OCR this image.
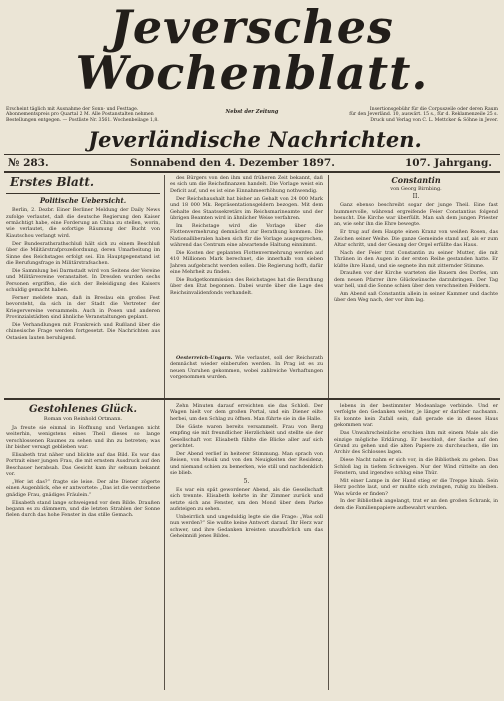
Jeversches Wochenblatt.
Erscheint täglich mit Ausnahme der Sonn- und Festtage.
Abonnementspreis pro Quartal 2 M. Alle Postanstalten nehmen
Bestellungen entgegen. — Postliste Nr. 3561. Wochenbeilage 1,8.
Nebst der Zeitung	Insertionsgebühr für die Corpuszeile oder deren Raum
für den Jeverländ. 10, auswärt. 15 s., für d. Reklamenzeile 25 s.
Druck und Verlag von C. L. Mettcker & Söhne in Jever.
Jeverländische Nachrichten.
№ 283.	Sonnabend den 4. Dezember 1897.	107. Jahrgang.
Erstes Blatt.
Politische Uebersicht.

Berlin, 2. Dezbr. Einer Berliner Meldung der Daily News zufolge verlautet, daß die deutsche Regierung den Kaiser ermächtigt habe, eine Forderung an China zu stellen, worin, wie verlautet, die sofortige Räumung der Bucht von Kiautschou verlangt wird.

Der Bundesrathsrathschluß hält sich zu einem Beschluß über die Militärstrafprozeßordnung, deren Umarbeitung im Sinne des Reichstages erfolgt sei. Ein Hauptgegenstand ist die Berufungsfrage in Militärstrafsachen.

Die Sammlung bei Darmstadt wird von Seitens der Vereine und Militärvereine veranstaltet. In Dresden wurden sechs Personen ergriffen, die sich der Beleidigung des Kaisers schuldig gemacht haben.

Ferner meldete man, daß in Breslau ein großes Fest bevorsteht, da sich in der Stadt die Vertreter der Kriegervereine versammeln. Auch in Posen und anderen Provinzialstädten sind ähnliche Veranstaltungen geplant.

Die Verhandlungen mit Frankreich und Rußland über die chinesische Frage werden fortgesetzt. Die Nachrichten aus Ostasien lauten beruhigend.

des Bürgers von den ihm und früheren Zeit bekannt, daß es sich um die Reichsfinanzen handelt. Die Vorlage weist ein Deficit auf, und es ist eine Einnahmeerhöhung nothwendig.

Der Reichshaushalt hat bisher an Gehalt von 24 000 Mark und 18 000 Mk. Repräsentationsgeldern bezogen. Mit dem Gehalte des Staatssekretärs im Reichsmarineamte und der übrigen Beamten wird in ähnlicher Weise verfahren.

Im Reichstage wird die Vorlage über die Flottenvermehrung demnächst zur Berathung kommen. Die Nationalliberalen haben sich für die Vorlage ausgesprochen, während das Centrum eine abwartende Haltung einnimmt.

Die Kosten der geplanten Flottenvermehrung werden auf 410 Millionen Mark berechnet, die innerhalb von sieben Jahren aufgebracht werden sollen. Die Regierung hofft, dafür eine Mehrheit zu finden.

Die Budgetkommission des Reichstages hat die Berathung über den Etat begonnen. Dabei wurde über die Lage des Reichsinvalidenfonds verhandelt.

Oesterreich-Ungarn. Wie verlautet, soll der Reichsrath demnächst wieder einberufen werden. In Prag ist es zu neuen Unruhen gekommen, wobei zahlreiche Verhaftungen vorgenommen wurden.

Constantin
von Georg Birnbing.
II.

Ganz ebenso beschreibt sogar der junge Theil. Eine fast hummervolle, während ergreifende Feier Constantius folgend besucht. Die Kirche war überfüllt. Man sah dem jungen Priester an, wie sehr ihn die Ehre bewegte.

Er trug auf dem Haupte einen Kranz von weißen Rosen, das Zeichen seiner Weihe. Die ganze Gemeinde stand auf, als er zum Altar schritt, und der Gesang der Orgel erfüllte das Haus.

Nach der Feier trat Constantin zu seiner Mutter, die mit Thränen in den Augen in der ersten Reihe gestanden hatte. Er küßte ihre Hand, und sie segnete ihn mit zitternder Stimme.

Draußen vor der Kirche warteten die Bauern des Dorfes, um dem neuen Pfarrer ihre Glückwünsche darzubringen. Der Tag war hell, und die Sonne schien über den verschneiten Feldern.

Am Abend saß Constantin allein in seiner Kammer und dachte über den Weg nach, der vor ihm lag.

Gestohlenes Glück.
Roman von Reinhold Ortmann.

Ja freute sie einmal in Hoffnung und Verlangen nicht weiterhin, wenigstens eines Theil dieses so lange verschlossenen Raumes zu sehen und ihn zu betreten; was ihr bisher versagt geblieben war.

Elisabeth trat näher und blickte auf das Bild. Es war das Portrait einer jungen Frau, die mit ernstem Ausdruck auf den Beschauer herabsah. Das Gesicht kam ihr seltsam bekannt vor.

„Wer ist das?“ fragte sie leise. Der alte Diener zögerte einen Augenblick, ehe er antwortete: „Das ist die verstorbene gnädige Frau, gnädiges Fräulein.“

Elisabeth stand lange schweigend vor dem Bilde. Draußen begann es zu dämmern, und die letzten Strahlen der Sonne fielen durch das hohe Fenster in das stille Gemach.

Zehn Minuten darauf erreichten sie das Schloß. Der Wagen hielt vor dem großen Portal, und ein Diener eilte herbei, um den Schlag zu öffnen. Man führte sie in die Halle.

Die Gäste waren bereits versammelt. Frau von Berg empfing sie mit freundlicher Herzlichkeit und stellte sie der Gesellschaft vor. Elisabeth fühlte die Blicke aller auf sich gerichtet.

Der Abend verlief in heiterer Stimmung. Man sprach von Reisen, von Musik und von den Neuigkeiten der Residenz, und niemand schien zu bemerken, wie still und nachdenklich sie blieb.

5.

Es war ein spät gewordener Abend, als die Gesellschaft sich trennte. Elisabeth kehrte in ihr Zimmer zurück und setzte sich ans Fenster, um den Mond über dem Parke aufsteigen zu sehen.

Unbeirrlich und ungeduldig legte sie die Frage: „Was soll nun werden?“ Sie wußte keine Antwort darauf. Ihr Herz war schwer, und ihre Gedanken kreisten unaufhörlich um das Geheimniß jenes Bildes.

lebens in der bestimmter Modeanlage verbinde. Und er verfolgte den Gedanken weiter, je länger er darüber nachsann. Es konnte kein Zufall sein, daß gerade sie in dieses Haus gekommen war.

Das Unwahrscheinliche erschien ihm mit einem Male als die einzige mögliche Erklärung. Er beschloß, der Sache auf den Grund zu gehen und die alten Papiere zu durchsuchen, die im Archiv des Schlosses lagen.

Diese Nacht nahm er sich vor, in die Bibliothek zu gehen. Das Schloß lag in tiefem Schweigen. Nur der Wind rüttelte an den Fenstern, und irgendwo schlug eine Thür.

Mit einer Lampe in der Hand stieg er die Treppe hinab. Sein Herz pochte laut, und er mußte sich zwingen, ruhig zu bleiben. Was würde er finden?

In der Bibliothek angelangt, trat er an den großen Schrank, in dem die Familienpapiere aufbewahrt wurden.
